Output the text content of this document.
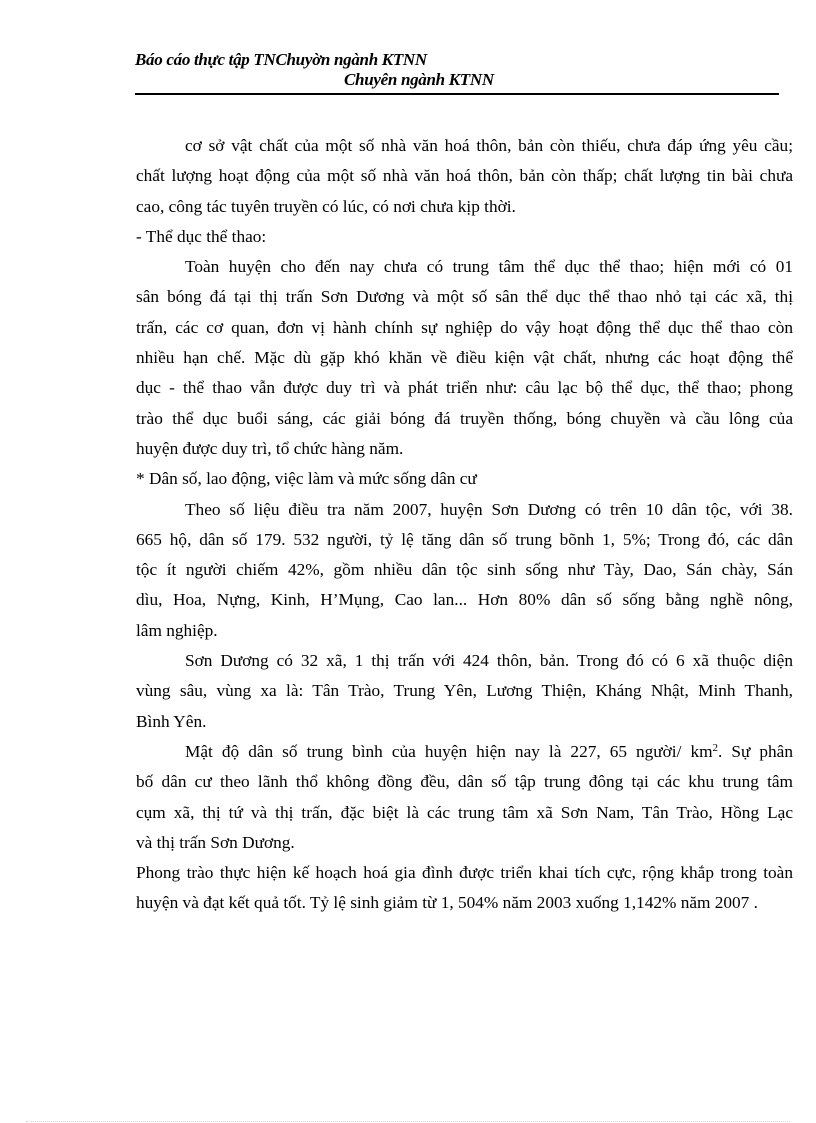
Báo cáo thực tập TNChuyờn ngành KTNN
Chuyên ngành KTNN
cơ sở vật chất của một số nhà văn hoá thôn, bản còn thiếu, chưa đáp ứng yêu cầu;
chất lượng hoạt động của một số nhà văn hoá thôn, bản còn thấp; chất lượng tin bài chưa
cao, công tác tuyên truyền có lúc, có nơi chưa kịp thời.
- Thể dục thể thao:
Toàn huyện cho đến nay chưa có trung tâm thể dục thể thao; hiện mới có 01
sân bóng đá tại thị trấn Sơn Dương và một số sân thể dục thể thao nhỏ tại các xã, thị
trấn, các cơ quan, đơn vị hành chính sự nghiệp do vậy hoạt động thể dục thể thao còn
nhiều hạn chế. Mặc dù gặp khó khăn về điều kiện vật chất, nhưng các hoạt động thể
dục - thể thao vẫn được duy trì và phát triển như: câu lạc bộ thể dục, thể thao; phong
trào thể dục buổi sáng, các giải bóng đá truyền thống, bóng chuyền và cầu lông của
huyện được duy trì, tổ chức hàng năm.
* Dân số, lao động, việc làm và mức sống dân cư
Theo số liệu điều tra năm 2007, huyện Sơn Dương có trên 10 dân tộc, với 38.
665 hộ, dân số 179. 532 người, tỷ lệ tăng dân số trung bõnh 1, 5%; Trong đó, các dân
tộc ít người chiếm 42%, gồm nhiều dân tộc sinh sống như Tày, Dao, Sán chày, Sán
dìu, Hoa, Nựng, Kinh, H’Mụng, Cao lan... Hơn 80% dân số sống bằng nghề nông,
lâm nghiệp.
Sơn Dương có 32 xã, 1 thị trấn với 424 thôn, bản. Trong đó có 6 xã thuộc diện
vùng sâu, vùng xa là: Tân Trào, Trung Yên, Lương Thiện, Kháng Nhật, Minh Thanh,
Bình Yên.
Mật độ dân số trung bình của huyện hiện nay là 227, 65 người/ $km^2$. Sự phân
bố dân cư theo lãnh thổ không đồng đều, dân số tập trung đông tại các khu trung tâm
cụm xã, thị tứ và thị trấn, đặc biệt là các trung tâm xã Sơn Nam, Tân Trào, Hồng Lạc
và thị trấn Sơn Dương.
Phong trào thực hiện kế hoạch hoá gia đình được triển khai tích cực, rộng khắp trong toàn
huyện và đạt kết quả tốt. Tỷ lệ sinh giảm từ 1, 504% năm 2003 xuống 1,142% năm 2007 .
